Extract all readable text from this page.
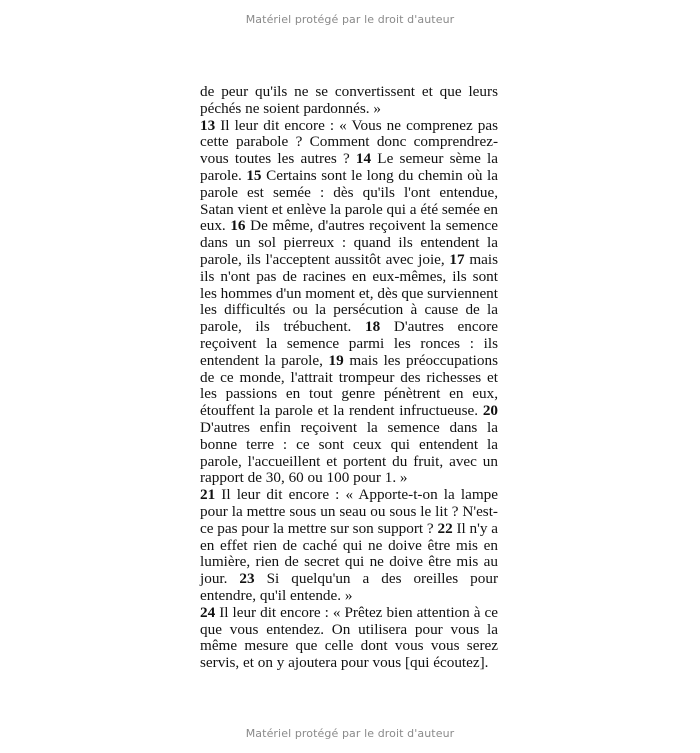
Matériel protégé par le droit d'auteur

de peur qu'ils ne se convertissent et que leurs péchés ne soient pardonnés. »

13 Il leur dit encore : « Vous ne comprenez pas cette parabole ? Comment donc comprendrez-vous toutes les autres ? 14 Le semeur sème la parole. 15 Certains sont le long du chemin où la parole est semée : dès qu'ils l'ont entendue, Satan vient et enlève la parole qui a été semée en eux. 16 De même, d'autres reçoivent la semence dans un sol pierreux : quand ils entendent la parole, ils l'acceptent aussitôt avec joie, 17 mais ils n'ont pas de racines en eux-mêmes, ils sont les hommes d'un moment et, dès que surviennent les difficultés ou la persécution à cause de la parole, ils trébuchent. 18 D'autres encore reçoivent la semence parmi les ronces : ils entendent la parole, 19 mais les préoccupations de ce monde, l'attrait trompeur des richesses et les passions en tout genre pénètrent en eux, étouffent la parole et la rendent infructueuse. 20 D'autres enfin reçoivent la semence dans la bonne terre : ce sont ceux qui entendent la parole, l'accueillent et portent du fruit, avec un rapport de 30, 60 ou 100 pour 1. »

21 Il leur dit encore : « Apporte-t-on la lampe pour la mettre sous un seau ou sous le lit ? N'est-ce pas pour la mettre sur son support ? 22 Il n'y a en effet rien de caché qui ne doive être mis en lumière, rien de secret qui ne doive être mis au jour. 23 Si quelqu'un a des oreilles pour entendre, qu'il entende. »

24 Il leur dit encore : « Prêtez bien attention à ce que vous entendez. On utilisera pour vous la même mesure que celle dont vous vous serez servis, et on y ajoutera pour vous [qui écoutez].

Matériel protégé par le droit d'auteur
